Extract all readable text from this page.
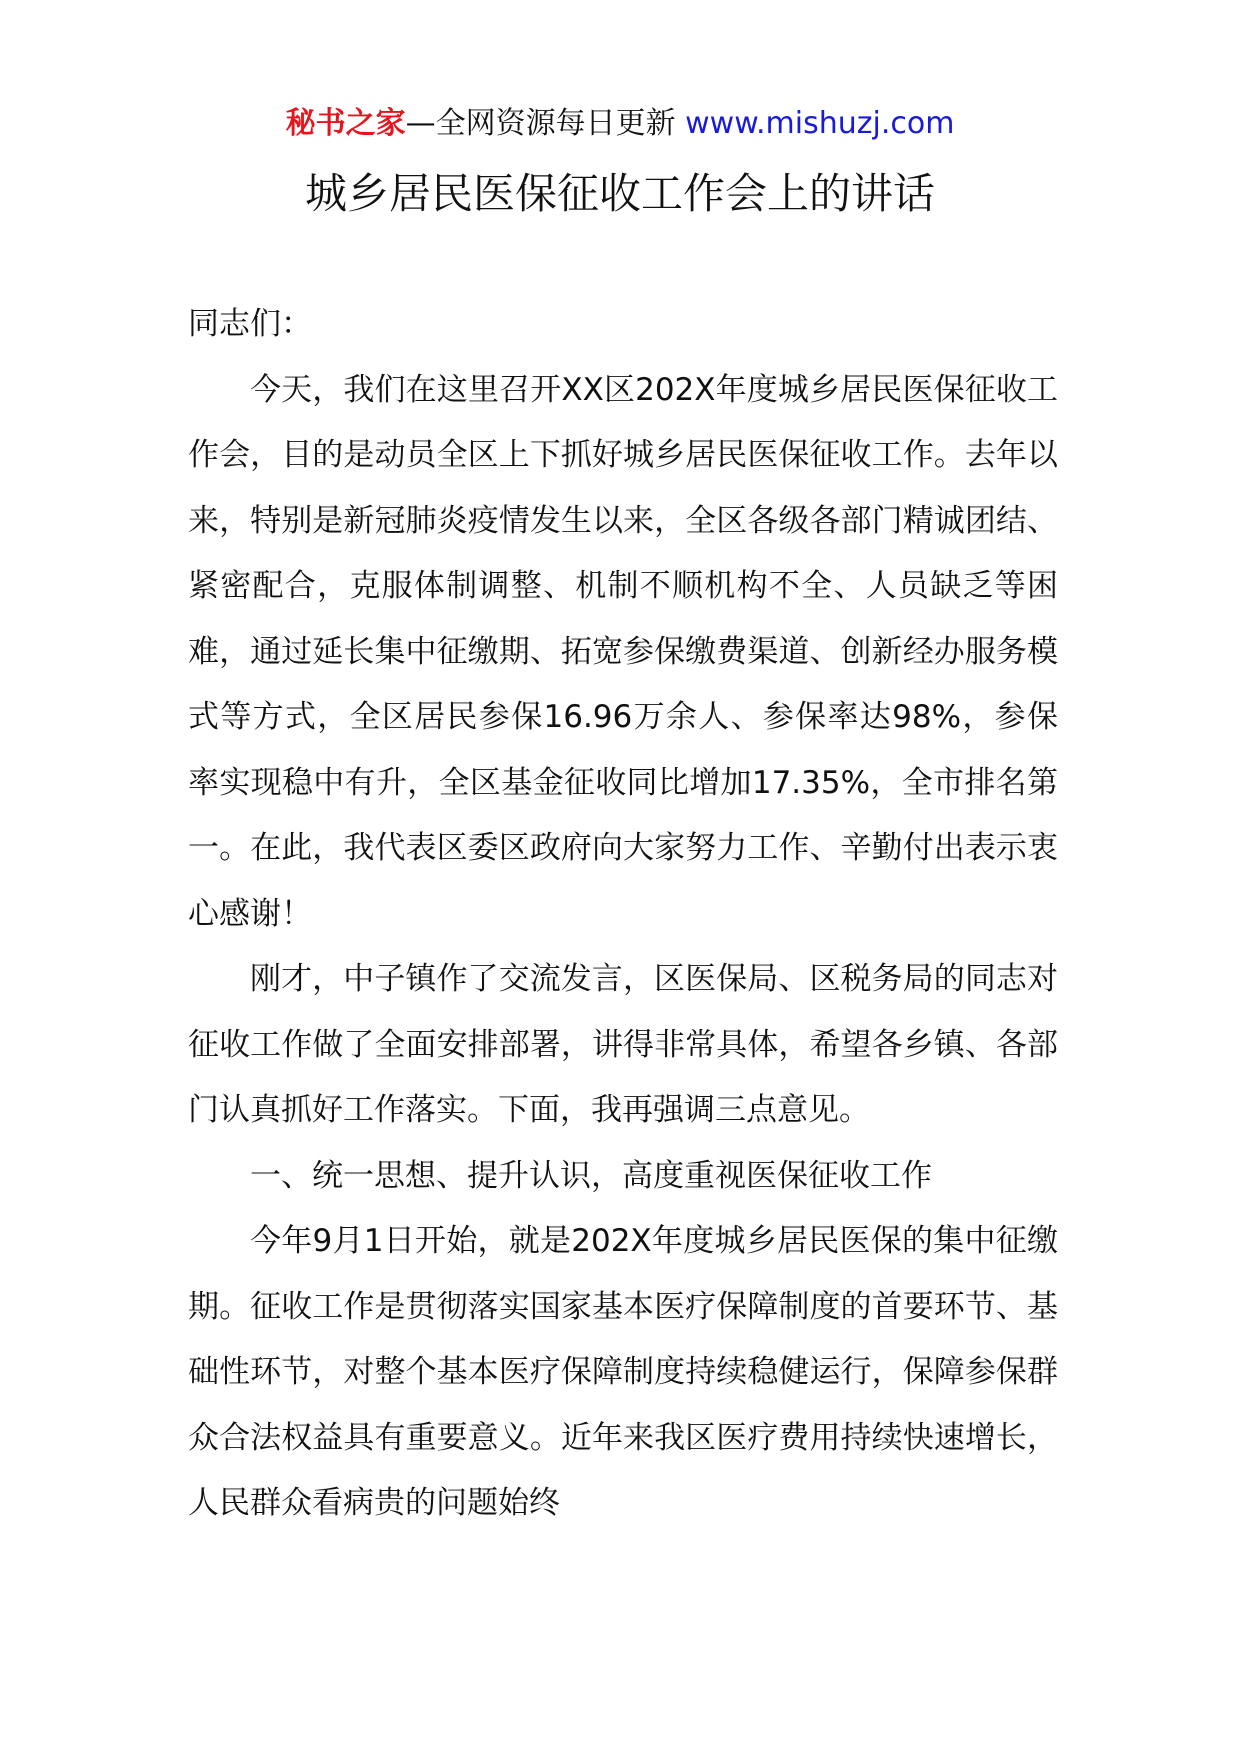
秘书之家—全网资源每日更新 www.mishuzj.com
城乡居民医保征收工作会上的讲话

同志们：

今天，我们在这里召开XX区202X年度城乡居民医保征收工作会，目的是动员全区上下抓好城乡居民医保征收工作。去年以来，特别是新冠肺炎疫情发生以来，全区各级各部门精诚团结、紧密配合，克服体制调整、机制不顺机构不全、人员缺乏等困难，通过延长集中征缴期、拓宽参保缴费渠道、创新经办服务模式等方式，全区居民参保16.96万余人、参保率达98%，参保率实现稳中有升，全区基金征收同比增加17.35%，全市排名第一。在此，我代表区委区政府向大家努力工作、辛勤付出表示衷心感谢！

刚才，中子镇作了交流发言，区医保局、区税务局的同志对征收工作做了全面安排部署，讲得非常具体，希望各乡镇、各部门认真抓好工作落实。下面，我再强调三点意见。

一、统一思想、提升认识，高度重视医保征收工作

今年9月1日开始，就是202X年度城乡居民医保的集中征缴期。征收工作是贯彻落实国家基本医疗保障制度的首要环节、基础性环节，对整个基本医疗保障制度持续稳健运行，保障参保群众合法权益具有重要意义。近年来我区医疗费用持续快速增长，人民群众看病贵的问题始终
